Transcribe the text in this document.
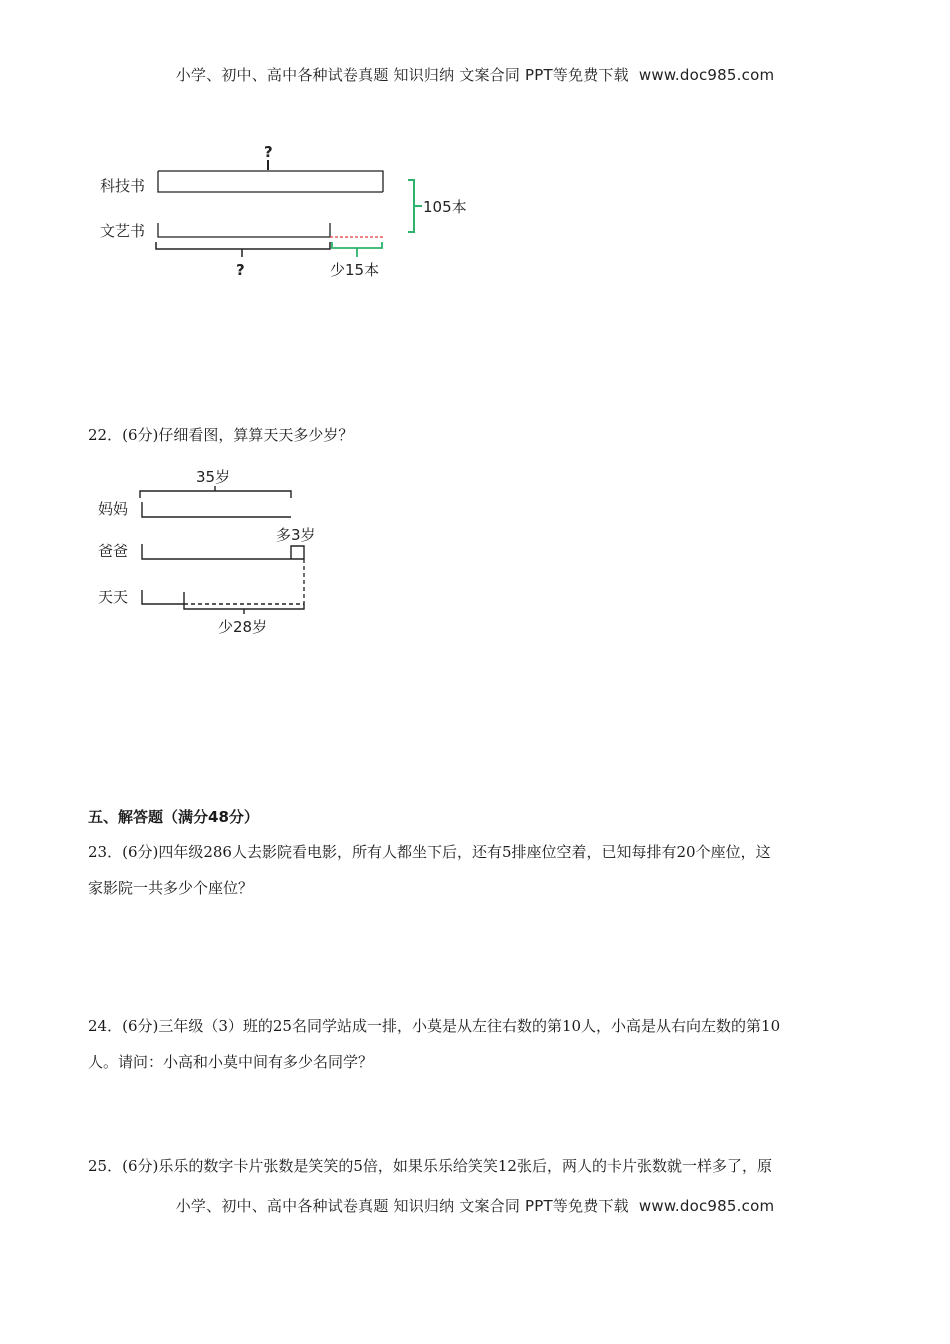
小学、初中、高中各种试卷真题 知识归纳 文案合同 PPT等免费下载 www.doc985.com
科技书
文艺书
?
105本
?	少15本
22．(6分)仔细看图，算算天天多少岁？
35岁
妈妈
多3岁
爸爸
天天
少28岁
五、解答题（满分48分）
23．(6分)四年级286人去影院看电影，所有人都坐下后，还有5排座位空着，已知每排有20个座位，这
家影院一共多少个座位？
24．(6分)三年级（3）班的25名同学站成一排，小莫是从左往右数的第10人，小高是从右向左数的第10
人。请问：小高和小莫中间有多少名同学？
25．(6分)乐乐的数字卡片张数是笑笑的5倍，如果乐乐给笑笑12张后，两人的卡片张数就一样多了，原
小学、初中、高中各种试卷真题 知识归纳 文案合同 PPT等免费下载 www.doc985.com
